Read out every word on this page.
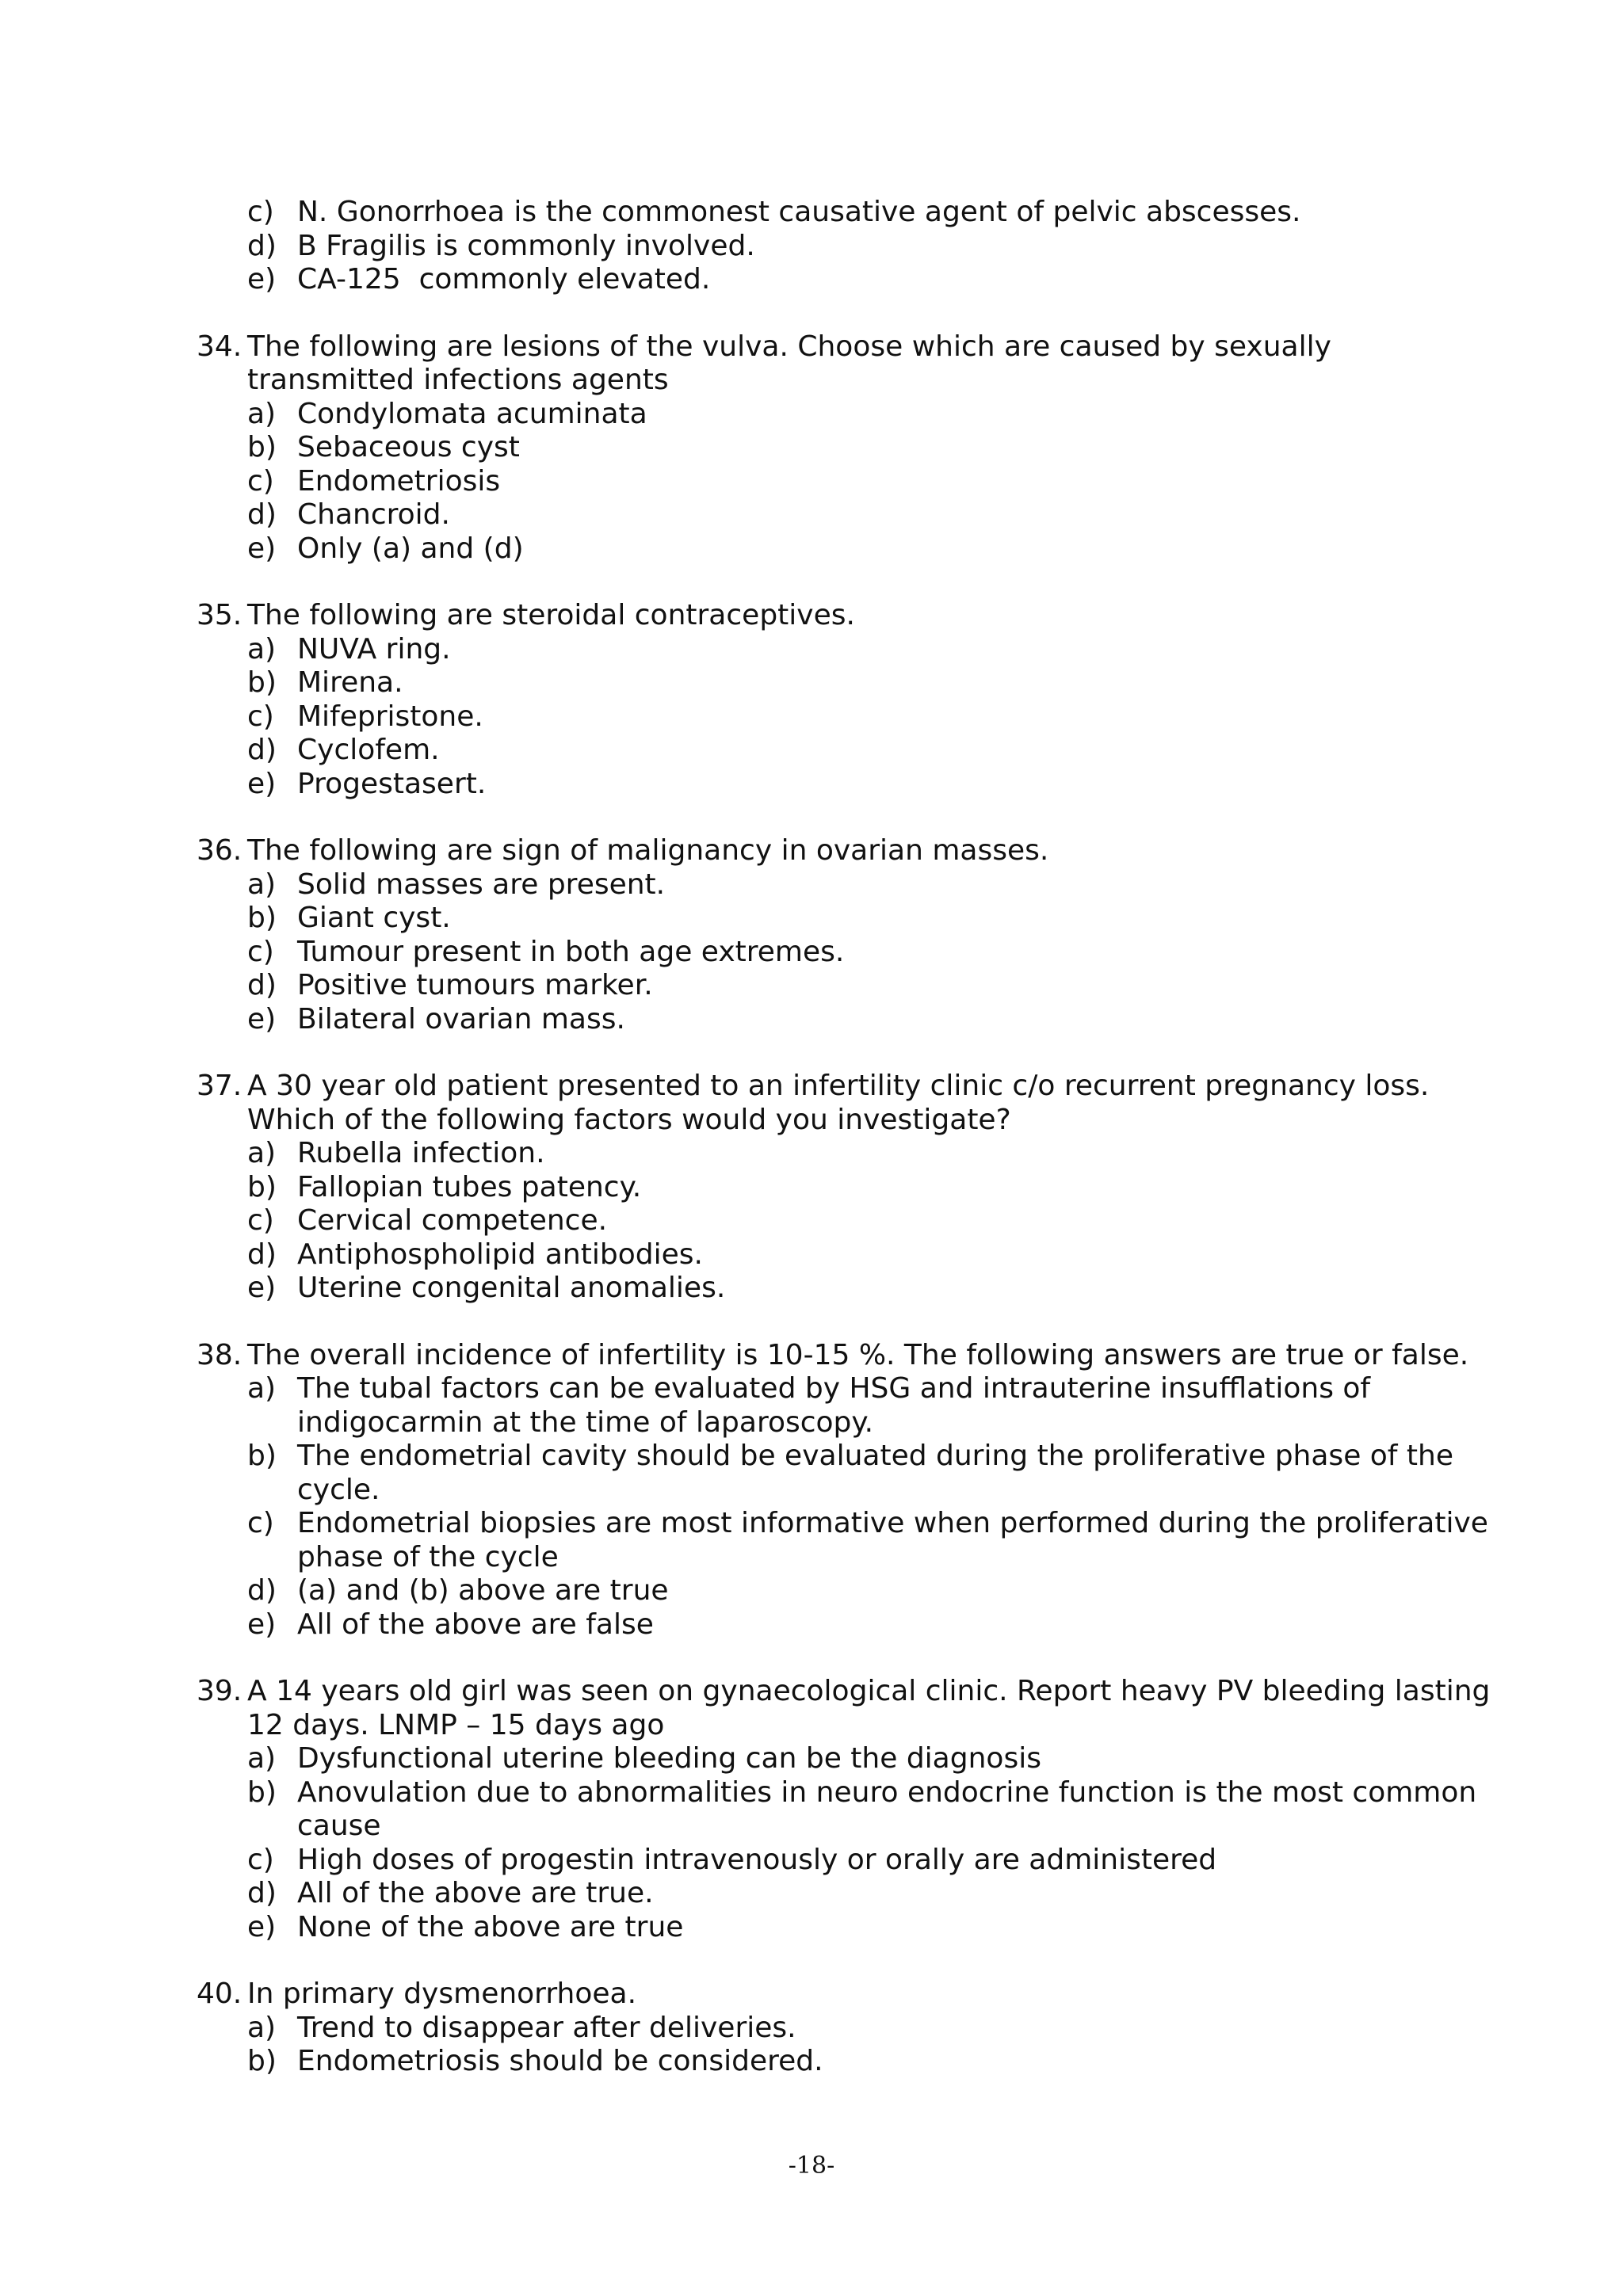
c) N. Gonorrhoea is the commonest causative agent of pelvic abscesses.
d) B Fragilis is commonly involved.
e) CA-125  commonly elevated.
34. The following are lesions of the vulva. Choose which are caused by sexually transmitted infections agents
a) Condylomata acuminata
b) Sebaceous cyst
c) Endometriosis
d) Chancroid.
e) Only (a) and (d)
35. The following are steroidal contraceptives.
a) NUVA ring.
b) Mirena.
c) Mifepristone.
d) Cyclofem.
e) Progestasert.
36. The following are sign of malignancy in ovarian masses.
a) Solid masses are present.
b) Giant cyst.
c) Tumour present in both age extremes.
d) Positive tumours marker.
e) Bilateral ovarian mass.
37. A 30 year old patient presented to an infertility clinic c/o recurrent pregnancy loss. Which of the following factors would you investigate?
a) Rubella infection.
b) Fallopian tubes patency.
c) Cervical competence.
d) Antiphospholipid antibodies.
e) Uterine congenital anomalies.
38. The overall incidence of infertility is 10-15 %. The following answers are true or false.
a) The tubal factors can be evaluated by HSG and intrauterine insufflations of indigocarmin at the time of laparoscopy.
b) The endometrial cavity should be evaluated during the proliferative phase of the cycle.
c) Endometrial biopsies are most informative when performed during the proliferative phase of the cycle
d) (a) and (b) above are true
e) All of the above are false
39. A 14 years old girl was seen on gynaecological clinic. Report heavy PV bleeding lasting 12 days. LNMP – 15 days ago
a) Dysfunctional uterine bleeding can be the diagnosis
b) Anovulation due to abnormalities in neuro endocrine function is the most common cause
c) High doses of progestin intravenously or orally are administered
d) All of the above are true.
e) None of the above are true
40. In primary dysmenorrhoea.
a) Trend to disappear after deliveries.
b) Endometriosis should be considered.
-18-
